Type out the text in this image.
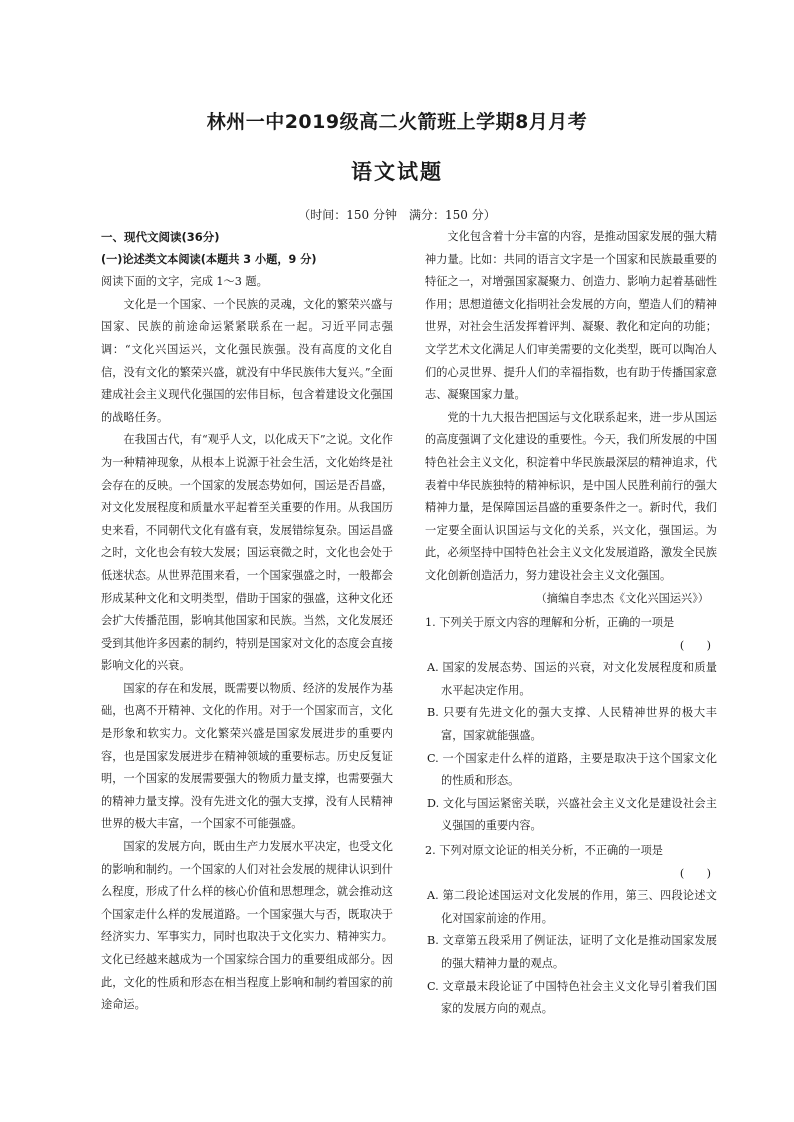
林州一中2019级高二火箭班上学期8月月考
语文试题
（时间：150 分钟　满分：150 分）

一、现代文阅读(36分)

(一)论述类文本阅读(本题共 3 小题，9 分)

阅读下面的文字，完成 1～3 题。

文化是一个国家、一个民族的灵魂，文化的繁荣兴盛与国家、民族的前途命运紧紧联系在一起。习近平同志强调：“文化兴国运兴，文化强民族强。没有高度的文化自信，没有文化的繁荣兴盛，就没有中华民族伟大复兴。”全面建成社会主义现代化强国的宏伟目标，包含着建设文化强国的战略任务。

在我国古代，有“观乎人文，以化成天下”之说。文化作为一种精神现象，从根本上说源于社会生活，文化始终是社会存在的反映。一个国家的发展态势如何，国运是否昌盛，对文化发展程度和质量水平起着至关重要的作用。从我国历史来看，不同朝代文化有盛有衰，发展错综复杂。国运昌盛之时，文化也会有较大发展；国运衰微之时，文化也会处于低迷状态。从世界范围来看，一个国家强盛之时，一般都会形成某种文化和文明类型，借助于国家的强盛，这种文化还会扩大传播范围，影响其他国家和民族。当然，文化发展还受到其他许多因素的制约，特别是国家对文化的态度会直接影响文化的兴衰。

国家的存在和发展，既需要以物质、经济的发展作为基础，也离不开精神、文化的作用。对于一个国家而言，文化是形象和软实力。文化繁荣兴盛是国家发展进步的重要内容，也是国家发展进步在精神领域的重要标志。历史反复证明，一个国家的发展需要强大的物质力量支撑，也需要强大的精神力量支撑。没有先进文化的强大支撑，没有人民精神世界的极大丰富，一个国家不可能强盛。

国家的发展方向，既由生产力发展水平决定，也受文化的影响和制约。一个国家的人们对社会发展的规律认识到什么程度，形成了什么样的核心价值和思想理念，就会推动这个国家走什么样的发展道路。一个国家强大与否，既取决于经济实力、军事实力，同时也取决于文化实力、精神实力。文化已经越来越成为一个国家综合国力的重要组成部分。因此，文化的性质和形态在相当程度上影响和制约着国家的前途命运。

文化包含着十分丰富的内容，是推动国家发展的强大精神力量。比如：共同的语言文字是一个国家和民族最重要的特征之一，对增强国家凝聚力、创造力、影响力起着基础性作用；思想道德文化指明社会发展的方向，塑造人们的精神世界，对社会生活发挥着评判、凝聚、教化和定向的功能；文学艺术文化满足人们审美需要的文化类型，既可以陶冶人们的心灵世界、提升人们的幸福指数，也有助于传播国家意志、凝聚国家力量。

党的十九大报告把国运与文化联系起来，进一步从国运的高度强调了文化建设的重要性。今天，我们所发展的中国特色社会主义文化，积淀着中华民族最深层的精神追求，代表着中华民族独特的精神标识，是中国人民胜利前行的强大精神力量，是保障国运昌盛的重要条件之一。新时代，我们一定要全面认识国运与文化的关系，兴文化，强国运。为此，必须坚持中国特色社会主义文化发展道路，激发全民族文化创新创造活力，努力建设社会主义文化强国。

（摘编自李忠杰《文化兴国运兴》）

1. 下列关于原文内容的理解和分析，正确的一项是

(　　)

A. 国家的发展态势、国运的兴衰，对文化发展程度和质量水平起决定作用。

B. 只要有先进文化的强大支撑、人民精神世界的极大丰富，国家就能强盛。

C. 一个国家走什么样的道路，主要是取决于这个国家文化的性质和形态。

D. 文化与国运紧密关联，兴盛社会主义文化是建设社会主义强国的重要内容。

2. 下列对原文论证的相关分析，不正确的一项是

(　　)

A. 第二段论述国运对文化发展的作用，第三、四段论述文化对国家前途的作用。

B. 文章第五段采用了例证法，证明了文化是推动国家发展的强大精神力量的观点。

C. 文章最末段论证了中国特色社会主义文化导引着我们国家的发展方向的观点。
